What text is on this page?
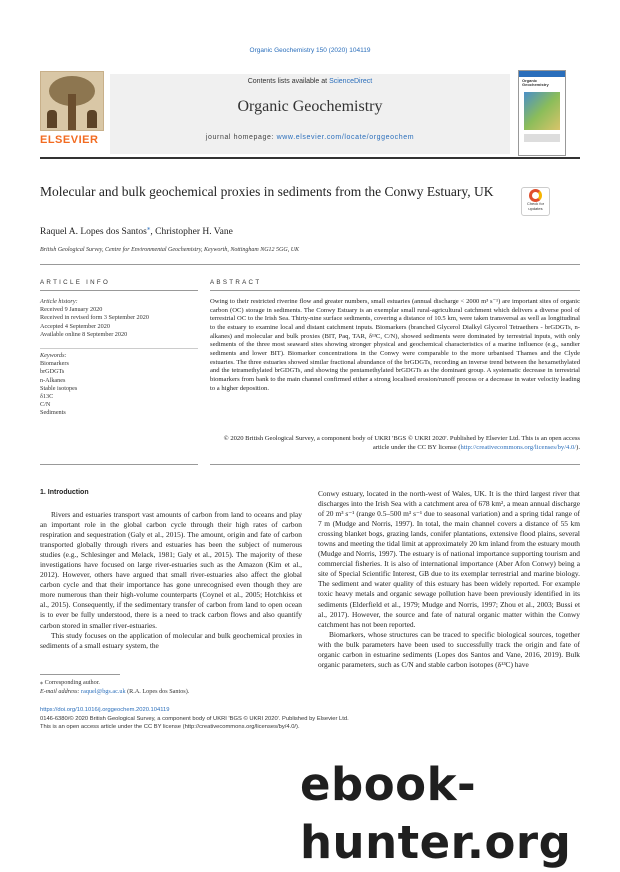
Organic Geochemistry 150 (2020) 104119
ELSEVIER
Contents lists available at ScienceDirect
Organic Geochemistry
journal homepage: www.elsevier.com/locate/orggeochem
Organic Geochemistry
Molecular and bulk geochemical proxies in sediments from the Conwy Estuary, UK
Check for
updates
Raquel A. Lopes dos Santos⁎, Christopher H. Vane
British Geological Survey, Centre for Environmental Geochemistry, Keyworth, Nottingham NG12 5GG, UK
ARTICLE INFO	ABSTRACT
Article history:
Received 9 January 2020
Received in revised form 3 September 2020
Accepted 4 September 2020
Available online 8 September 2020
Keywords:
Biomarkers
brGDGTs
n-Alkanes
Stable isotopes
δ13C
C/N
Sediments
Owing to their restricted riverine flow and greater numbers, small estuaries (annual discharge < 2000 m³ s⁻¹) are important sites of organic carbon (OC) storage in sediments. The Conwy Estuary is an exemplar small rural-agricultural catchment which delivers a diverse pool of terrestrial OC to the Irish Sea. Thirty-nine surface sediments, covering a distance of 10.5 km, were taken transversal as well as longitudinal to the estuary to examine local and distant catchment inputs. Biomarkers (branched Glycerol Dialkyl Glycerol Tetraethers - brGDGTs, n-alkanes) and molecular and bulk proxies (BIT, Paq, TAR, δ¹³C, C/N), showed sediments were dominated by terrestrial inputs, with only sediments of the three most seaward sites showing stronger physical and geochemical characteristics of a marine influence (e.g., sandier sediments and lower BIT). Biomarker concentrations in the Conwy were comparable to the more urbanised Thames and the Clyde estuaries. The three estuaries showed similar fractional abundance of the brGDGTs, recording an inverse trend between the hexamethylated and the tetramethylated brGDGTs, and showing the pentamethylated brGDGTs as the dominant group. A systematic decrease in terrestrial biomarkers from bank to the main channel confirmed either a strong localised erosion/runoff process or a decrease in water velocity leading to a higher deposition.
© 2020 British Geological Survey, a component body of UKRI 'BGS © UKRI 2020'. Published by Elsevier Ltd. This is an open access article under the CC BY license (http://creativecommons.org/licenses/by/4.0/).
1. Introduction

Rivers and estuaries transport vast amounts of carbon from land to oceans and play an important role in the global carbon cycle through their high rates of carbon respiration and sequestration (Galy et al., 2015). The amount, origin and fate of carbon transported globally through rivers and estuaries has been the subject of numerous studies (e.g., Schlesinger and Melack, 1981; Galy et al., 2015). The majority of these investigations have focused on large river-estuaries such as the Amazon (Kim et al., 2012). However, others have argued that small river-estuaries also affect the global carbon cycle and that their importance has gone unrecognised even though they are more numerous than their high-volume counterparts (Coynel et al., 2005; Hotchkiss et al., 2015). Consequently, if the sedimentary transfer of carbon from land to open ocean is to ever be fully understood, there is a need to track carbon flows and also quantify carbon stored in smaller river-estuaries.

This study focuses on the application of molecular and bulk geochemical proxies in sediments of a small estuary system, the

Conwy estuary, located in the north-west of Wales, UK. It is the third largest river that discharges into the Irish Sea with a catchment area of 678 km², a mean annual discharge of 20 m³ s⁻¹ (range 0.5–500 m³ s⁻¹ due to seasonal variation) and a spring tidal range of 7 m (Mudge and Norris, 1997). In total, the main channel covers a distance of 55 km crossing blanket bogs, grazing lands, conifer plantations, extensive flood plains, several towns and meeting the tidal limit at approximately 20 km inland from the estuary mouth (Mudge and Norris, 1997). The estuary is of national importance supporting tourism and commercial fisheries. It is also of international importance (Aber Afon Conwy) being a site of Special Scientific Interest, GB due to its exemplar terrestrial and marine biology. The sediment and water quality of this estuary has been widely reported. For example toxic heavy metals and organic sewage pollution have been previously identified in its sediments (Elderfield et al., 1979; Mudge and Norris, 1997; Zhou et al., 2003; Bussi et al., 2017). However, the source and fate of natural organic matter within the Conwy catchment has not been reported.

Biomarkers, whose structures can be traced to specific biological sources, together with the bulk parameters have been used to successfully track the origin and fate of organic carbon in estuarine sediments (Lopes dos Santos and Vane, 2016, 2019). Bulk organic parameters, such as C/N and stable carbon isotopes (δ¹³C) have

⁎ Corresponding author.
E-mail address: raquel@bgs.ac.uk (R.A. Lopes dos Santos).
https://doi.org/10.1016/j.orggeochem.2020.104119
0146-6380/© 2020 British Geological Survey, a component body of UKRI 'BGS © UKRI 2020'. Published by Elsevier Ltd.
This is an open access article under the CC BY license (http://creativecommons.org/licenses/by/4.0/).
ebook-hunter.org
